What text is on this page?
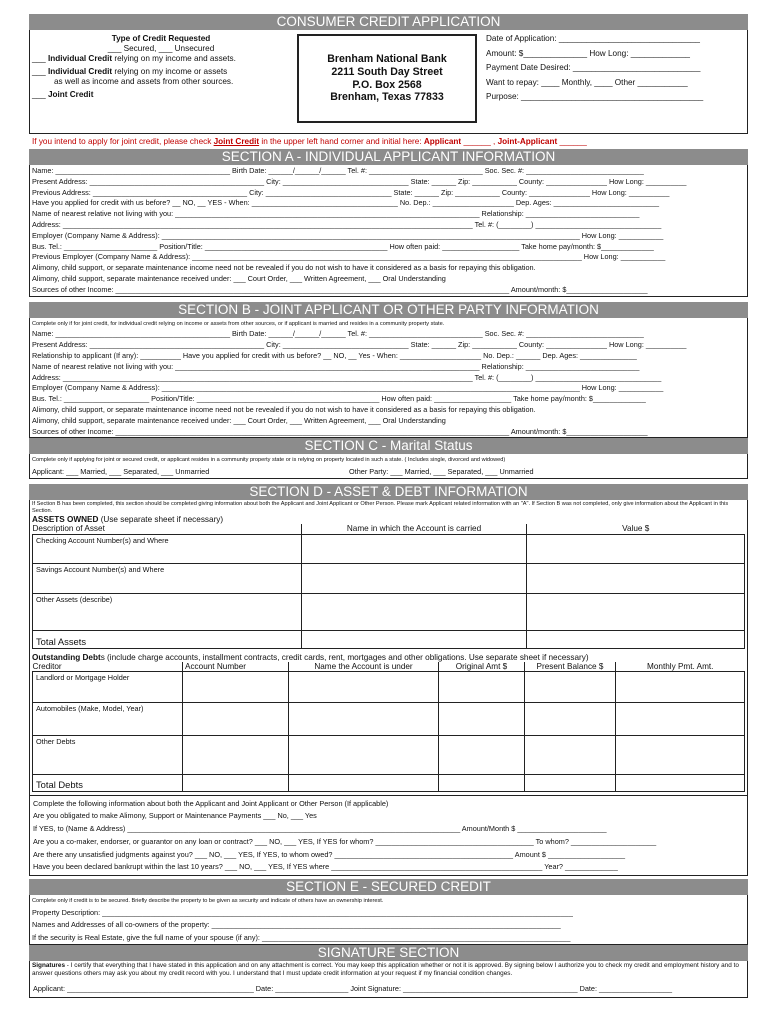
CONSUMER CREDIT APPLICATION
Type of Credit Requested
___ Secured, ___ Unsecured
___ Individual Credit relying on my income and assets.
___ Individual Credit relying on my income or assets
as well as income and assets from other sources.
___ Joint Credit
Brenham National Bank
2211 South Day Street
P.O. Box 2568
Brenham, Texas 77833
Date of Application: _______________________________
Amount: $______________ How Long: _____________
Payment Date Desired: ____________________________
Want to repay: ____ Monthly, ____ Other ___________
Purpose: ________________________________________
If you intend to apply for joint credit, please check Joint Credit in the upper left hand corner and initial here: Applicant ______ , Joint-Applicant ______
SECTION A - INDIVIDUAL APPLICANT INFORMATION
Name: ___________________________________________ Birth Date: ______/______/______ Tel. #: ____________________________ Soc. Sec. #: _____________________________
Present Address: ___________________________________________ City: _______________________________ State: ______ Zip: ___________ County: _______________ How Long: __________
Previous Address: ______________________________________ City: _______________________________ State: ______ Zip: ___________ County: _______________ How Long: __________
Have you applied for credit with us before? __ NO, __ YES - When: ____________________________________ No. Dep.: ____________________ Dep. Ages: __________________________
Name of nearest relative not living with you: ___________________________________________________________________________ Relationship: ____________________________
Address: _____________________________________________________________________________________________________ Tel. #: (________) _______________________________
Employer (Company Name & Address): _______________________________________________________________________________________________________ How Long: ___________
Bus. Tel.: _______________________ Position/Title: _____________________________________________ How often paid: ___________________ Take home pay/month: $_____________
Previous Employer (Company Name & Address): ________________________________________________________________________________________________ How Long: ___________
Alimony, child support, or separate maintenance income need not be revealed if you do not wish to have it considered as a basis for repaying this obligation.
Alimony, child support, separate maintenance received under: ___ Court Order, ___ Written Agreement, ___ Oral Understanding
Sources of other Income: _________________________________________________________________________________________________ Amount/month: $____________________
SECTION B - JOINT APPLICANT OR OTHER PARTY INFORMATION
Complete only if for joint credit, for individual credit relying on income or assets from other sources, or if applicant is married and resides in a community property state.
Name: ___________________________________________ Birth Date: ______/______/______ Tel. #: ____________________________ Soc. Sec. #: _____________________________
Present Address: ___________________________________________ City: _______________________________ State: ______ Zip: ___________ County: _______________ How Long: __________
Relationship to applicant (If any): __________ Have you applied for credit with us before? __ NO, __ Yes - When: ____________________ No. Dep.: ______ Dep. Ages: ______________
Name of nearest relative not living with you: ___________________________________________________________________________ Relationship: ____________________________
Address: _____________________________________________________________________________________________________ Tel. #: (________) _______________________________
Employer (Company Name & Address): _______________________________________________________________________________________________________ How Long: ___________
Bus. Tel.: _____________________ Position/Title: _____________________________________________ How often paid: ___________________ Take home pay/month: $_____________
Alimony, child support, or separate maintenance income need not be revealed if you do not wish to have it considered as a basis for repaying this obligation.
Alimony, child support, separate maintenance received under: ___ Court Order, ___ Written Agreement, ___ Oral Understanding
Sources of other Income: _________________________________________________________________________________________________ Amount/month: $____________________
SECTION C - Marital Status
Complete only if applying for joint or secured credit, or applicant resides in a community property state or is relying on property located in such a state. ( Includes single, divorced and widowed)
Applicant: ___ Married, ___ Separated, ___ Unmarried	Other Party: ___ Married, ___ Separated, ___ Unmarried
SECTION D - ASSET & DEBT INFORMATION
If Section B has been completed, this section should be completed giving information about both the Applicant and Joint Applicant or Other Person. Please mark Applicant related information with an "A". If Section B was not completed, only give information about the Applicant in this Section.
ASSETS OWNED (Use separate sheet if necessary)
Description of Asset	Name in which the Account is carried	Value $
Checking Account Number(s) and Where		
Savings Account Number(s) and Where		
Other Assets (describe)		
Total Assets		
Outstanding Debts (include charge accounts, installment contracts, credit cards, rent, mortgages and other obligations. Use separate sheet if necessary)
Creditor	Account Number	Name the Account is under	Original Amt $	Present Balance $	Monthly Pmt. Amt.
Landlord or Mortgage Holder					
Automobiles (Make, Model, Year)					
Other Debts					
Total Debts					
Complete the following information about both the Applicant and Joint Applicant or Other Person (If applicable)
Are you obligated to make Alimony, Support or Maintenance Payments ___ No, ___ Yes
If YES, to (Name & Address) __________________________________________________________________________________ Amount/Month $ ______________________
Are you a co-maker, endorser, or guarantor on any loan or contract? ___ NO, ___ YES, If YES for whom? _______________________________________ To whom? _____________________
Are there any unsatisfied judgments against you? ___ NO, ___ YES, If YES, to whom owed? ____________________________________________ Amount $ ___________________
Have you been declared bankrupt within the last 10 years? ___ NO, ___ YES, If YES where ____________________________________________________ Year? _____________
SECTION E - SECURED CREDIT
Complete only if credit is to be secured. Briefly describe the property to be given as security and indicate of others have an ownership interest.
Property Description: ____________________________________________________________________________________________________________________
Names and Addresses of all co-owners of the property: ______________________________________________________________________________________
If the security is Real Estate, give the full name of your spouse (if any): ____________________________________________________________________________
SIGNATURE SECTION
Signatures - I certify that everything that I have stated in this application and on any attachment is correct. You may keep this application whether or not it is approved. By signing below I authorize you to check my credit and employment history and to answer questions others may ask you about my credit record with you. I understand that I must update credit information at your request if my financial condition changes.
Applicant: ______________________________________________ Date: __________________ Joint Signature: ___________________________________________ Date: __________________
